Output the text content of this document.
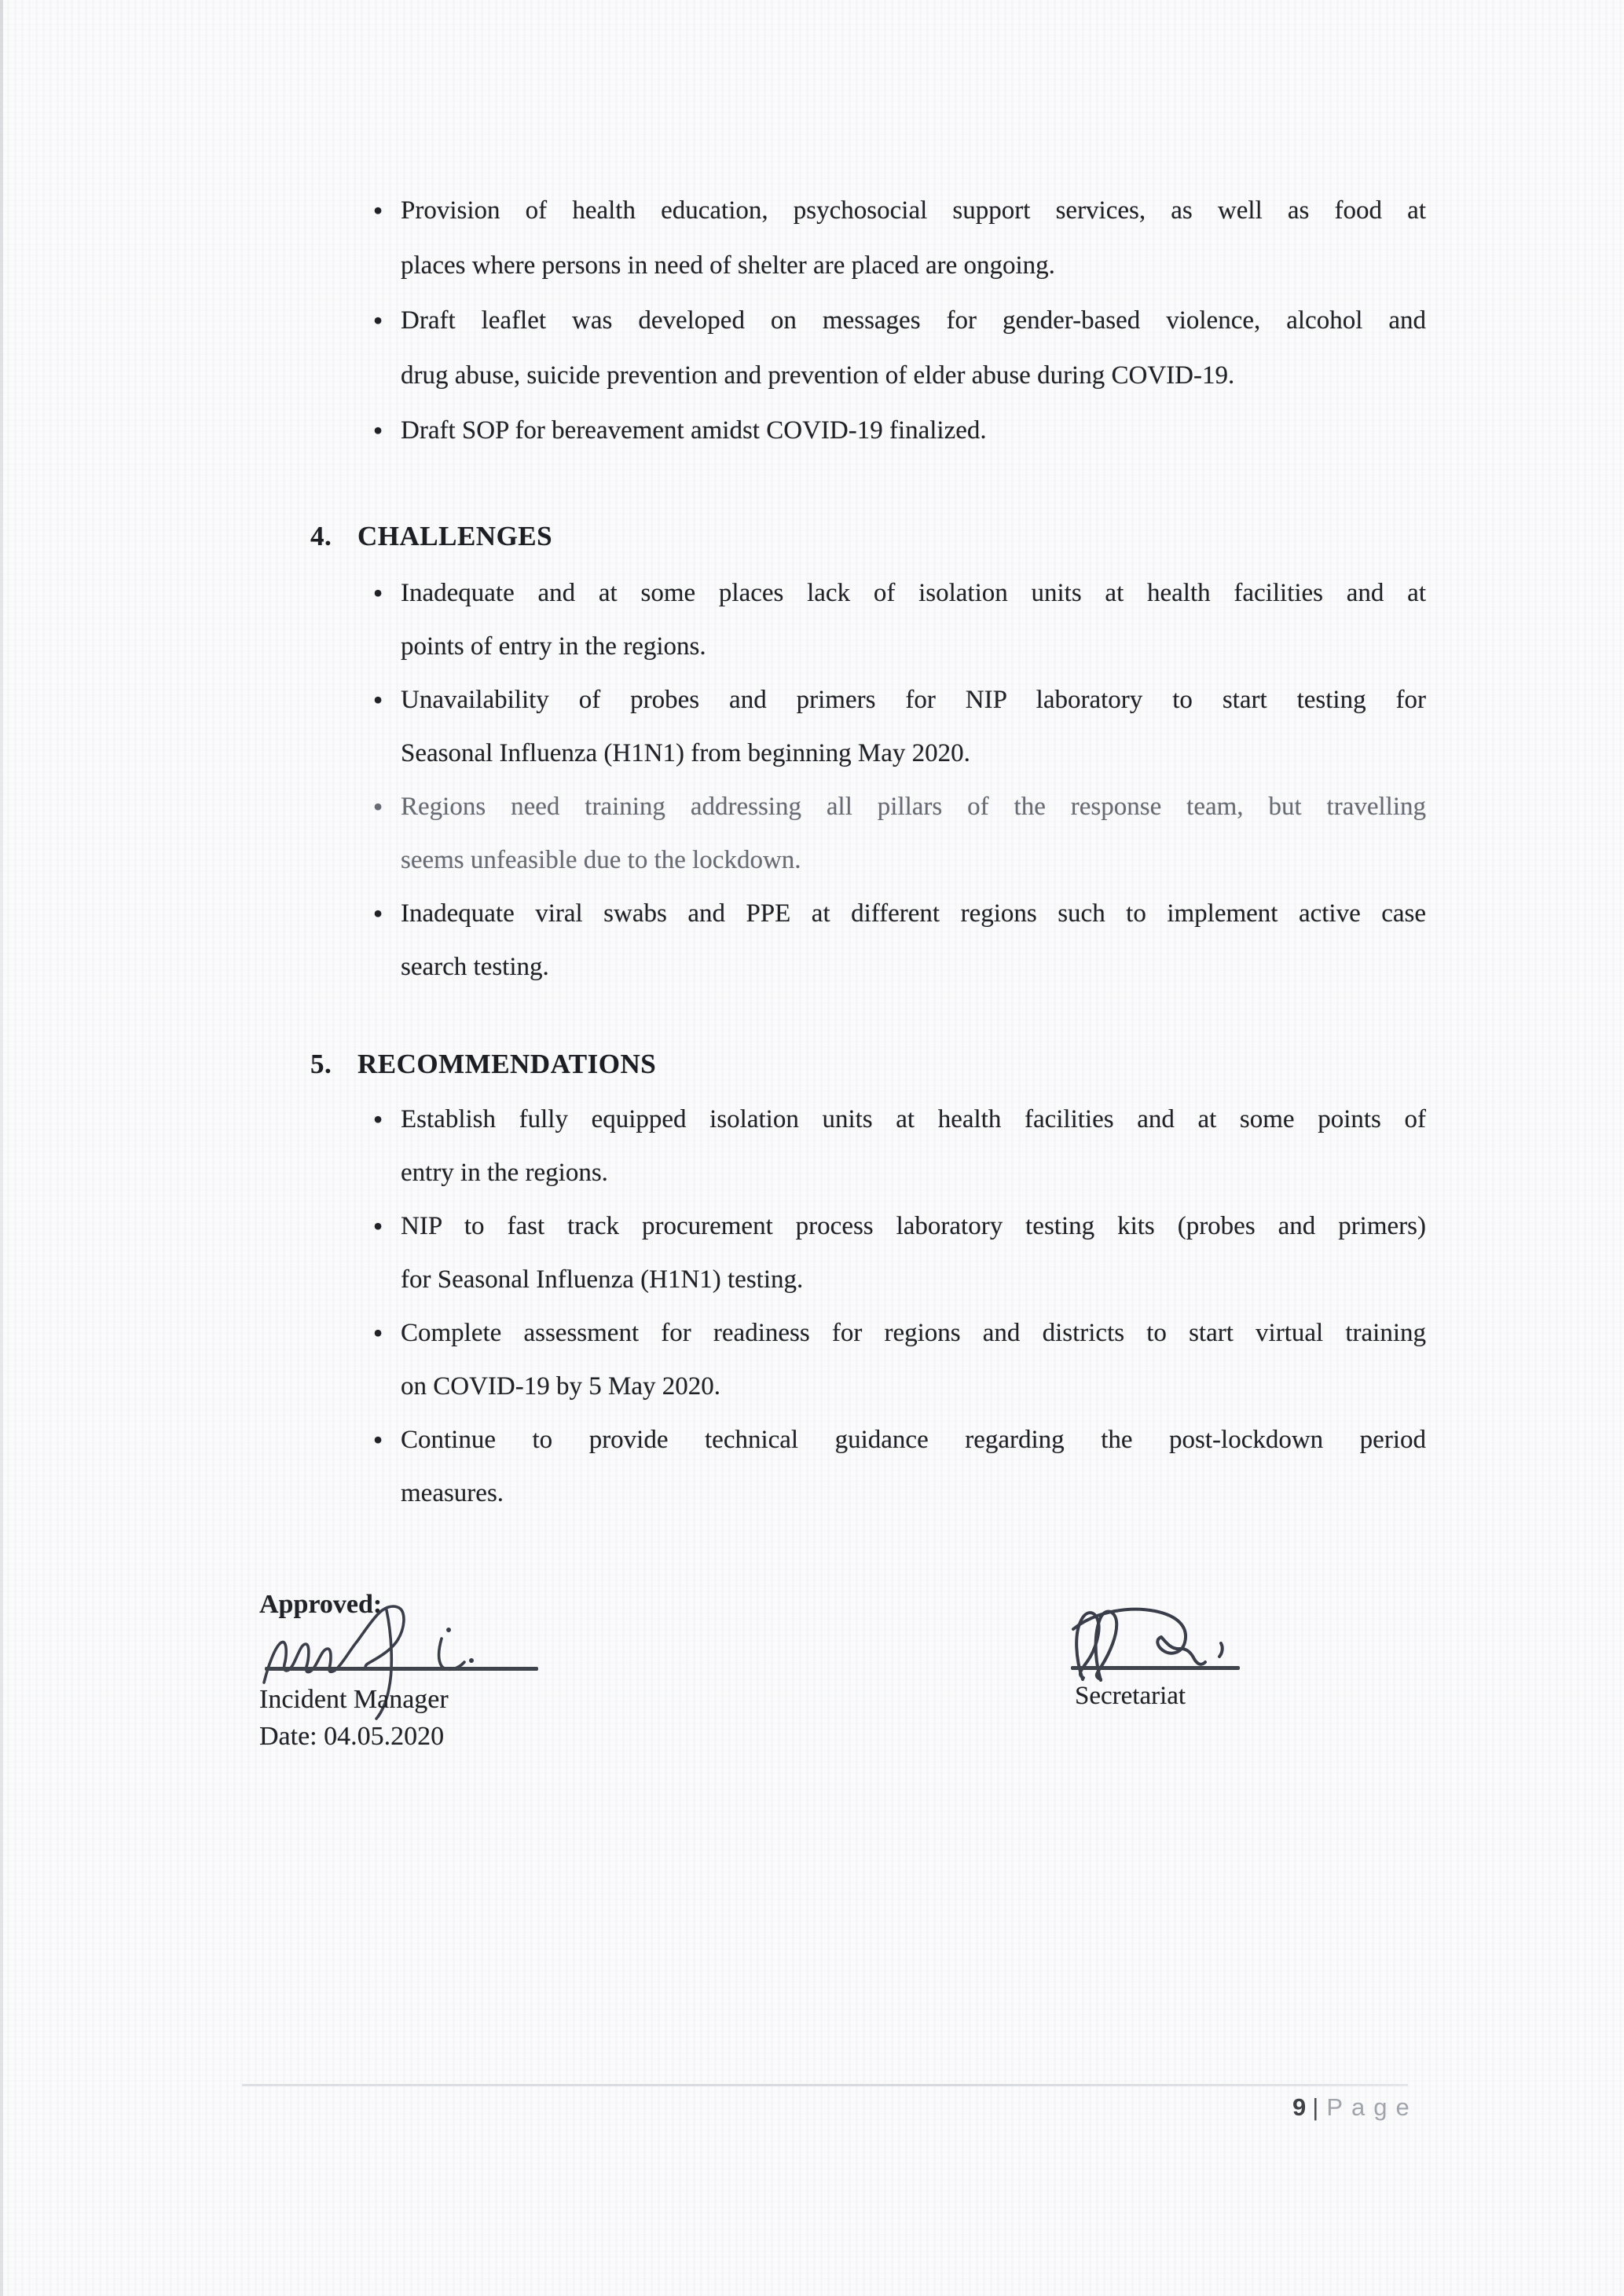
• Provision of health education, psychosocial support services, as well as food at
places where persons in need of shelter are placed are ongoing.
• Draft leaflet was developed on messages for gender-based violence, alcohol and
drug abuse, suicide prevention and prevention of elder abuse during COVID-19.
• Draft SOP for bereavement amidst COVID-19 finalized.
4. CHALLENGES
• Inadequate and at some places lack of isolation units at health facilities and at
points of entry in the regions.
• Unavailability of probes and primers for NIP laboratory to start testing for
Seasonal Influenza (H1N1) from beginning May 2020.
• Regions need training addressing all pillars of the response team, but travelling
seems unfeasible due to the lockdown.
• Inadequate viral swabs and PPE at different regions such to implement active case
search testing.
5. RECOMMENDATIONS
• Establish fully equipped isolation units at health facilities and at some points of
entry in the regions.
• NIP to fast track procurement process laboratory testing kits (probes and primers)
for Seasonal Influenza (H1N1) testing.
• Complete assessment for readiness for regions and districts to start virtual training
on COVID-19 by 5 May 2020.
• Continue to provide technical guidance regarding the post-lockdown period
measures.
Approved:
Incident Manager
Date: 04.05.2020
Secretariat
9 | Page
